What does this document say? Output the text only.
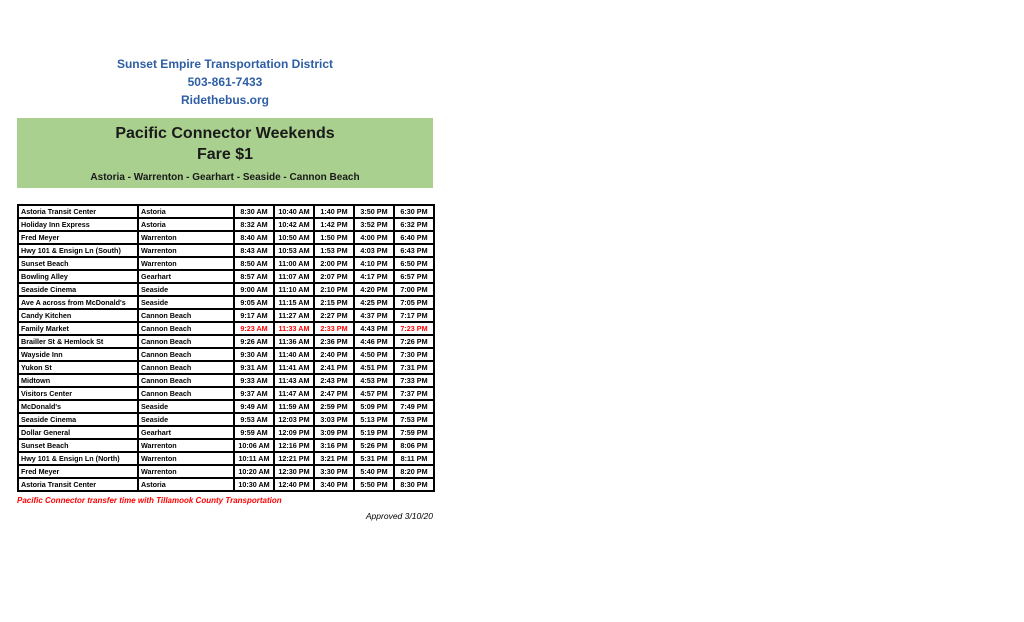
Sunset Empire Transportation District
503-861-7433
Ridethebus.org
Pacific Connector Weekends
Fare $1
Astoria - Warrenton - Gearhart - Seaside - Cannon Beach
Astoria Transit Center	Astoria	8:30 AM	10:40 AM	1:40 PM	3:50 PM	6:30 PM
Holiday Inn Express	Astoria	8:32 AM	10:42 AM	1:42 PM	3:52 PM	6:32 PM
Fred Meyer	Warrenton	8:40 AM	10:50 AM	1:50 PM	4:00 PM	6:40 PM
Hwy 101 & Ensign Ln (South)	Warrenton	8:43 AM	10:53 AM	1:53 PM	4:03 PM	6:43 PM
Sunset Beach	Warrenton	8:50 AM	11:00 AM	2:00 PM	4:10 PM	6:50 PM
Bowling Alley	Gearhart	8:57 AM	11:07 AM	2:07 PM	4:17 PM	6:57 PM
Seaside Cinema	Seaside	9:00 AM	11:10 AM	2:10 PM	4:20 PM	7:00 PM
Ave A across from McDonald's	Seaside	9:05 AM	11:15 AM	2:15 PM	4:25 PM	7:05 PM
Candy Kitchen	Cannon Beach	9:17 AM	11:27 AM	2:27 PM	4:37 PM	7:17 PM
Family Market	Cannon Beach	9:23 AM	11:33 AM	2:33 PM	4:43 PM	7:23 PM
Brailler St & Hemlock St	Cannon Beach	9:26 AM	11:36 AM	2:36 PM	4:46 PM	7:26 PM
Wayside Inn	Cannon Beach	9:30 AM	11:40 AM	2:40 PM	4:50 PM	7:30 PM
Yukon St	Cannon Beach	9:31 AM	11:41 AM	2:41 PM	4:51 PM	7:31 PM
Midtown	Cannon Beach	9:33 AM	11:43 AM	2:43 PM	4:53 PM	7:33 PM
Visitors Center	Cannon Beach	9:37 AM	11:47 AM	2:47 PM	4:57 PM	7:37 PM
McDonald's	Seaside	9:49 AM	11:59 AM	2:59 PM	5:09 PM	7:49 PM
Seaside Cinema	Seaside	9:53 AM	12:03 PM	3:03 PM	5:13 PM	7:53 PM
Dollar General	Gearhart	9:59 AM	12:09 PM	3:09 PM	5:19 PM	7:59 PM
Sunset Beach	Warrenton	10:06 AM	12:16 PM	3:16 PM	5:26 PM	8:06 PM
Hwy 101 & Ensign Ln (North)	Warrenton	10:11 AM	12:21 PM	3:21 PM	5:31 PM	8:11 PM
Fred Meyer	Warrenton	10:20 AM	12:30 PM	3:30 PM	5:40 PM	8:20 PM
Astoria Transit Center	Astoria	10:30 AM	12:40 PM	3:40 PM	5:50 PM	8:30 PM
Pacific Connector transfer time with Tillamook County Transportation
Approved 3/10/20
